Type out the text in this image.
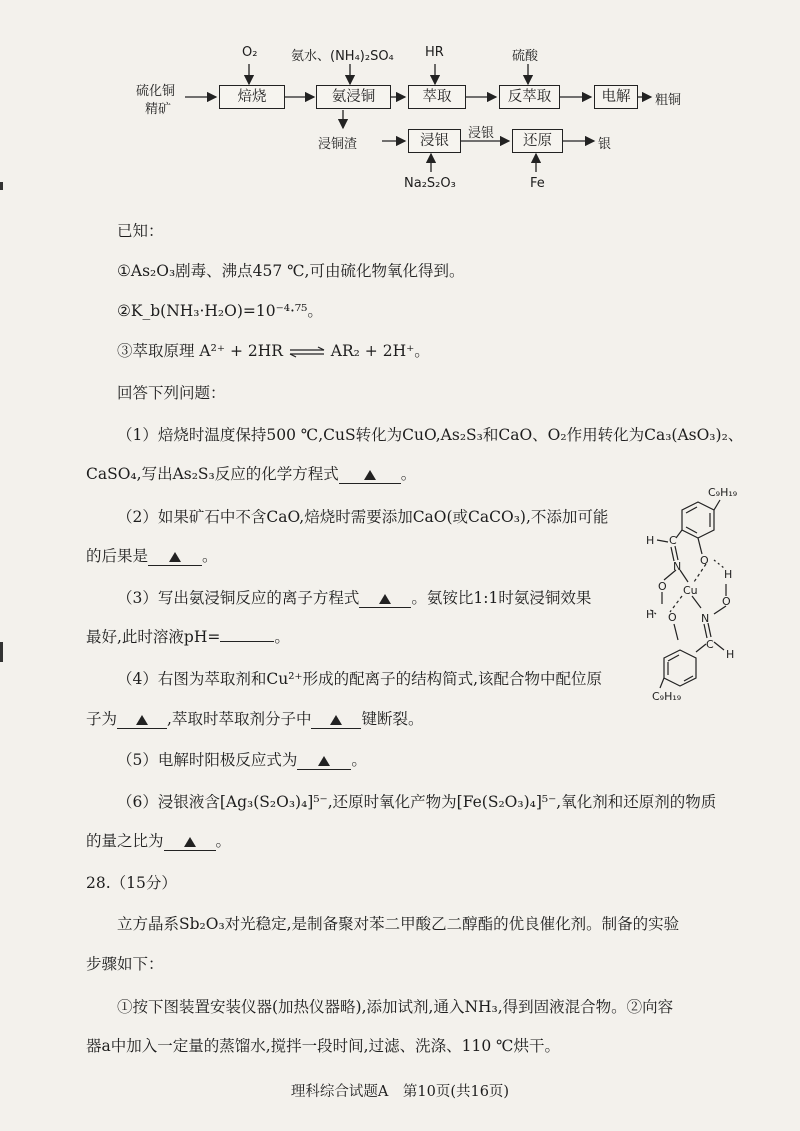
硫化铜
精矿
焙烧	氨浸铜	萃取	反萃取	电解
浸银	还原
O₂	氨水、(NH₄)₂SO₄ HR	硫酸
粗铜
浸铜渣
浸银
银
Na₂S₂O₃	Fe
已知：
①As₂O₃剧毒、沸点457 ℃,可由硫化物氧化得到。
②K_b(NH₃·H₂O)=10⁻⁴·⁷⁵。
③萃取原理 A²⁺ + 2HR ⇌ AR₂ + 2H⁺。
回答下列问题：
（1）焙烧时温度保持500 ℃,CuS转化为CuO,As₂S₃和CaO、O₂作用转化为Ca₃(AsO₃)₂、
CaSO₄,写出As₂S₃反应的化学方程式	。
（2）如果矿石中不含CaO,焙烧时需要添加CaO(或CaCO₃),不添加可能
的后果是	。
（3）写出氨浸铜反应的离子方程式	。氨铵比1:1时氨浸铜效果
最好,此时溶液pH=	。
（4）右图为萃取剂和Cu²⁺形成的配离子的结构简式,该配合物中配位原
子为	,萃取时萃取剂分子中	键断裂。
（5）电解时阳极反应式为	。
（6）浸银液含[Ag₃(S₂O₃)₄]⁵⁻,还原时氧化产物为[Fe(S₂O₃)₄]⁵⁻,氧化剂和还原剂的物质
的量之比为	。
C₉H₁₉
H C
O
N
H
O Cu
O
H O N
C
H
C₉H₁₉
28.（15分）
立方晶系Sb₂O₃对光稳定,是制备聚对苯二甲酸乙二醇酯的优良催化剂。制备的实验
步骤如下：
①按下图装置安装仪器(加热仪器略),添加试剂,通入NH₃,得到固液混合物。②向容
器a中加入一定量的蒸馏水,搅拌一段时间,过滤、洗涤、110 ℃烘干。
理科综合试题A　第10页(共16页)
